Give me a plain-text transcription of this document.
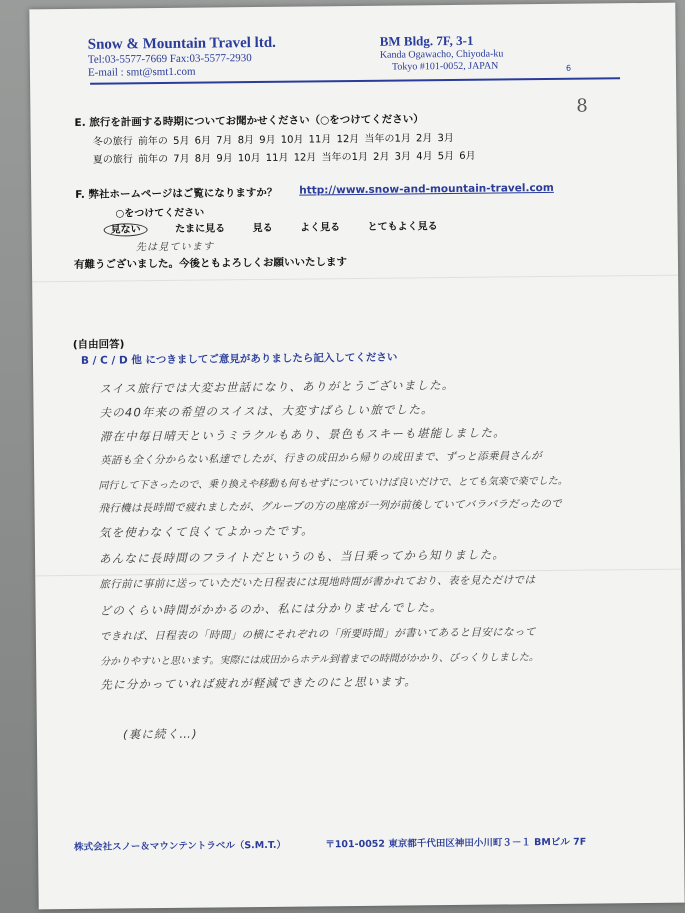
Snow & Mountain Travel ltd.
Tel:03-5577-7669 Fax:03-5577-2930
E-mail : smt@smt1.com
BM Bldg. 7F, 3-1
Kanda Ogawacho, Chiyoda-ku
Tokyo #101-0052, JAPAN	6
8
E. 旅行を計画する時期についてお聞かせください（○をつけてください）
冬の旅行 前年の 5月 6月 7月 8月 9月 10月 11月 12月 当年の1月 2月 3月
夏の旅行 前年の 7月 8月 9月 10月 11月 12月 当年の1月 2月 3月 4月 5月 6月
F. 弊社ホームページはご覧になりますか？ http://www.snow-and-mountain-travel.com
○をつけてください
見ない	たまに見る	見る	よく見る	とてもよく見る
先は見ています
有難うございました。今後ともよろしくお願いいたします
(自由回答)
B / C / D 他 につきましてご意見がありましたら記入してください
スイス旅行では大変お世話になり、ありがとうございました。
夫の40年来の希望のスイスは、大変すばらしい旅でした。
滞在中毎日晴天というミラクルもあり、景色もスキーも堪能しました。
英語も全く分からない私達でしたが、行きの成田から帰りの成田まで、ずっと添乗員さんが
同行して下さったので、乗り換えや移動も何もせずについていけば良いだけで、とても気楽で楽でした。
飛行機は長時間で疲れましたが、グループの方の座席が一列が前後していてバラバラだったので
気を使わなくて良くてよかったです。
あんなに長時間のフライトだというのも、当日乗ってから知りました。
旅行前に事前に送っていただいた日程表には現地時間が書かれており、表を見ただけでは
どのくらい時間がかかるのか、私には分かりませんでした。
できれば、日程表の「時間」の横にそれぞれの「所要時間」が書いてあると目安になって
分かりやすいと思います。実際には成田からホテル到着までの時間がかかり、びっくりしました。
先に分かっていれば疲れが軽減できたのにと思います。
(裏に続く…)
株式会社スノー＆マウンテントラベル（S.M.T.）	〒101-0052 東京都千代田区神田小川町３－１ BMビル 7F
